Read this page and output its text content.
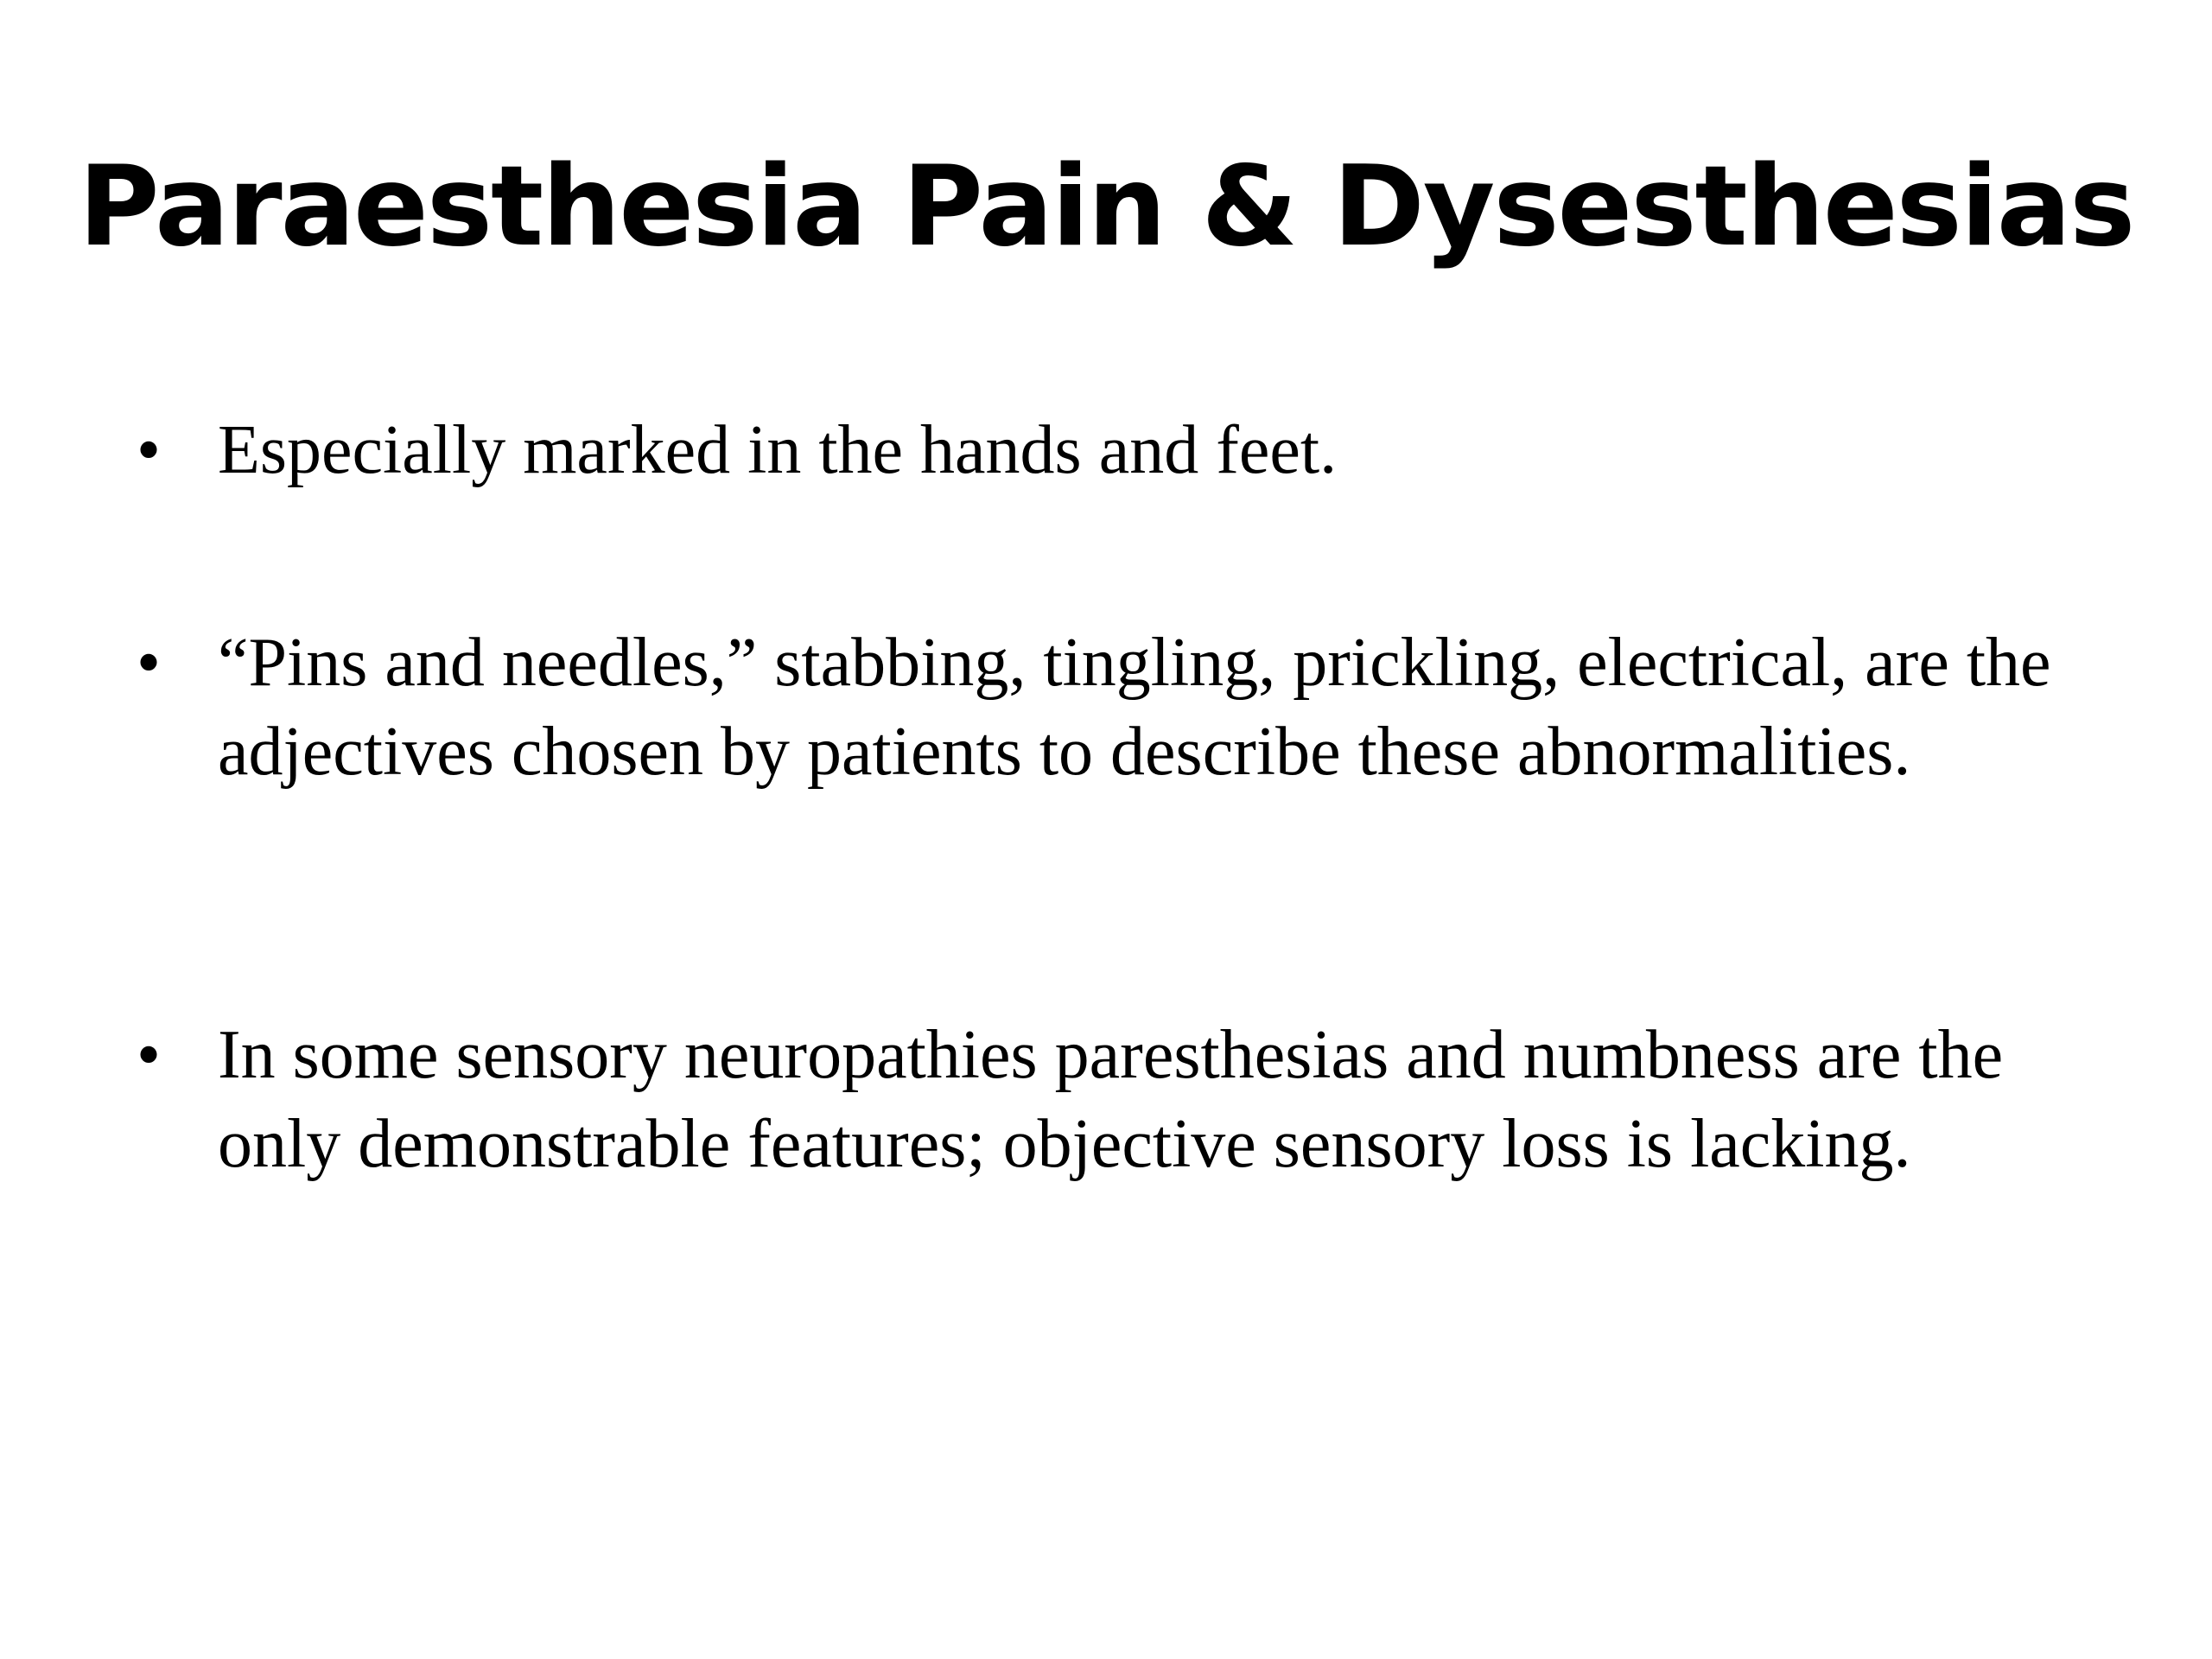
Paraesthesia Pain & Dysesthesias
• Especially marked in the hands and feet.
• “Pins and needles,” stabbing, tingling, prickling, electrical, are the adjectives chosen by patients to describe these abnormalities.
• In some sensory neuropathies paresthesias and numbness are the only demonstrable features; objective sensory loss is lacking.
